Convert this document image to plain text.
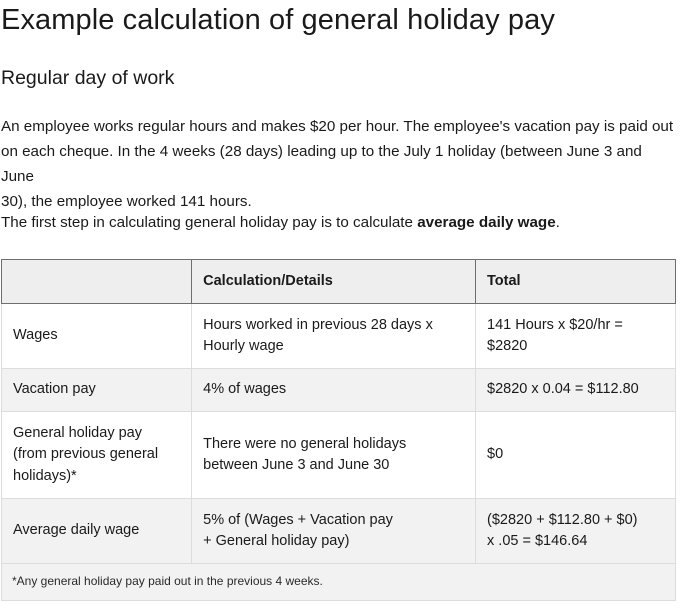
Example calculation of general holiday pay
Regular day of work

An employee works regular hours and makes $20 per hour. The employee's vacation pay is paid out
on each cheque. In the 4 weeks (28 days) leading up to the July 1 holiday (between June 3 and June
30), the employee worked 141 hours.

The first step in calculating general holiday pay is to calculate average daily wage.

	Calculation/Details	Total

Wages	Hours worked in previous 28 days x
Hourly wage	141 Hours x $20/hr =
$2820

Vacation pay	4% of wages	$2820 x 0.04 = $112.80

General holiday pay
(from previous general
holidays)*	There were no general holidays
between June 3 and June 30	$0

Average daily wage	5% of (Wages + Vacation pay
+ General holiday pay)	($2820 + $112.80 + $0)
x .05 = $146.64

*Any general holiday pay paid out in the previous 4 weeks.		
